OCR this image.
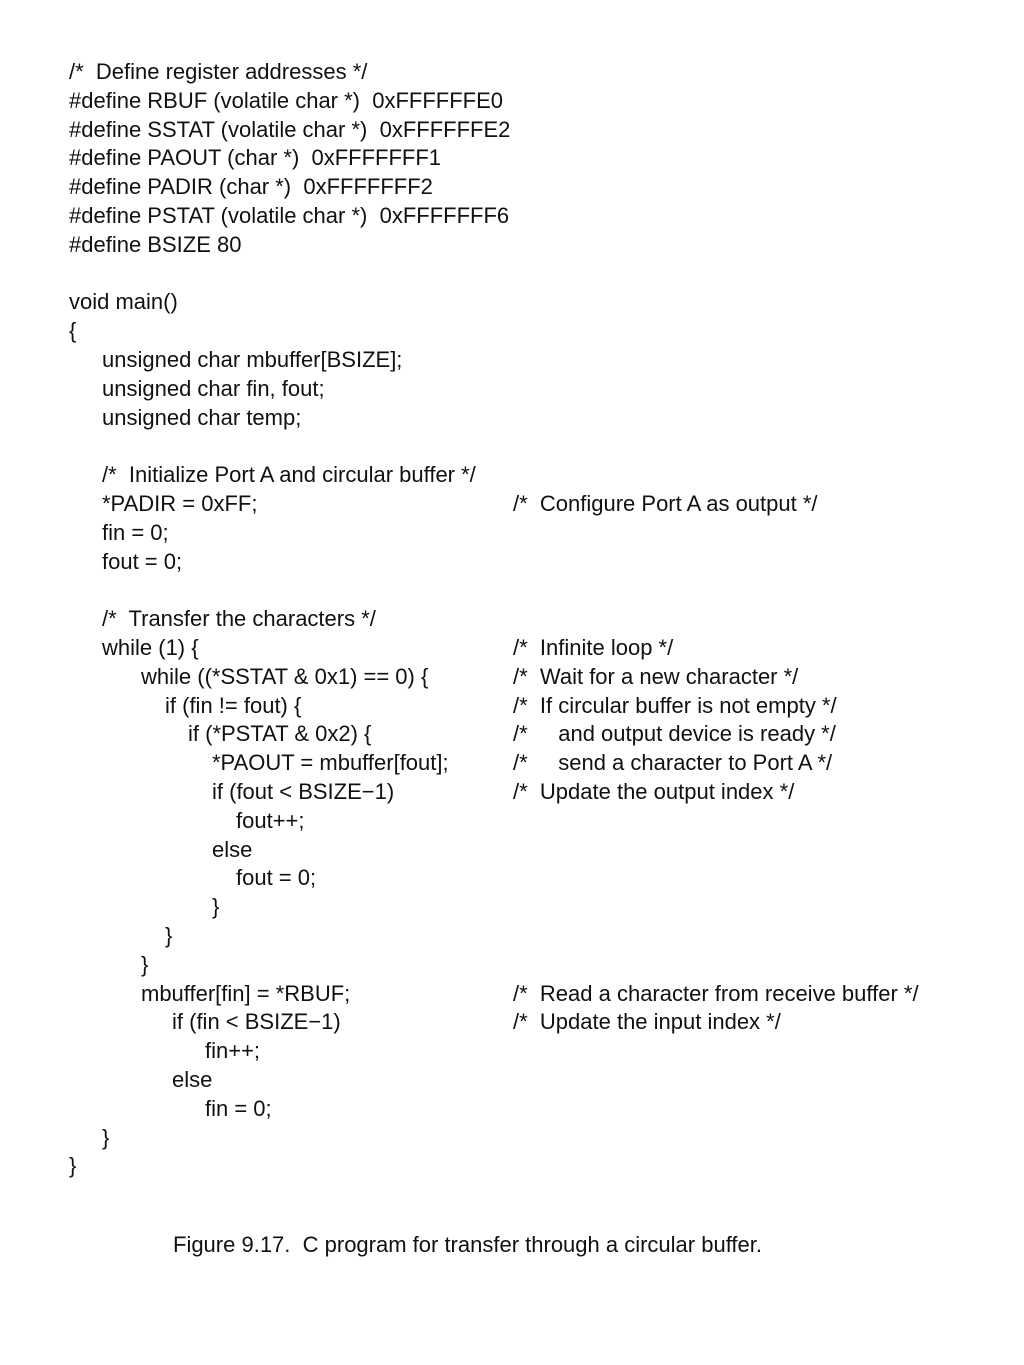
/*  Define register addresses */
#define RBUF (volatile char *)  0xFFFFFFE0
#define SSTAT (volatile char *)  0xFFFFFFE2
#define PAOUT (char *)  0xFFFFFFF1
#define PADIR (char *)  0xFFFFFFF2
#define PSTAT (volatile char *)  0xFFFFFFF6
#define BSIZE 80
void main()
{
unsigned char mbuffer[BSIZE];
unsigned char fin, fout;
unsigned char temp;
/*  Initialize Port A and circular buffer */
*PADIR = 0xFF;	/*  Configure Port A as output */
fin = 0;
fout = 0;
/*  Transfer the characters */
while (1) {	/*  Infinite loop */
while ((*SSTAT & 0x1) == 0) {	/*  Wait for a new character */
if (fin != fout) {	/*  If circular buffer is not empty */
if (*PSTAT & 0x2) {	/*     and output device is ready */
*PAOUT = mbuffer[fout];	/*     send a character to Port A */
if (fout < BSIZE−1)	/*  Update the output index */
fout++;
else
fout = 0;
}
}
}
mbuffer[fin] = *RBUF;	/*  Read a character from receive buffer */
if (fin < BSIZE−1)	/*  Update the input index */
fin++;
else
fin = 0;
}
}
Figure 9.17.  C program for transfer through a circular buffer.
